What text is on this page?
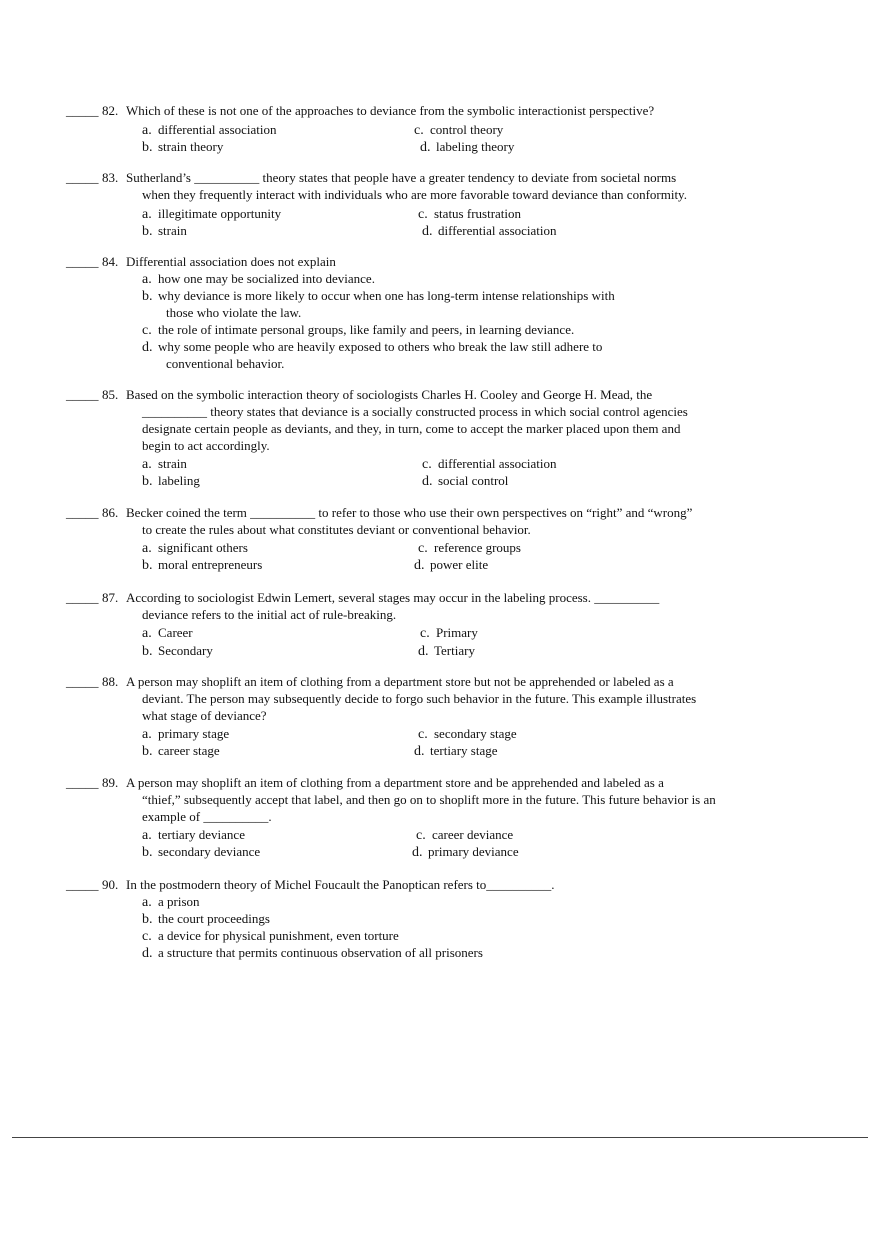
_____ 82. Which of these is not one of the approaches to deviance from the symbolic interactionist perspective?
a. differential association
b. strain theory
c. control theory
d. labeling theory
_____ 83. Sutherland’s __________ theory states that people have a greater tendency to deviate from societal norms
when they frequently interact with individuals who are more favorable toward deviance than conformity.
a. illegitimate opportunity
b. strain
c. status frustration
d. differential association
_____ 84. Differential association does not explain
a. how one may be socialized into deviance.
b. why deviance is more likely to occur when one has long-term intense relationships with
those who violate the law.
c. the role of intimate personal groups, like family and peers, in learning deviance.
d. why some people who are heavily exposed to others who break the law still adhere to
conventional behavior.
_____ 85. Based on the symbolic interaction theory of sociologists Charles H. Cooley and George H. Mead, the
__________ theory states that deviance is a socially constructed process in which social control agencies
designate certain people as deviants, and they, in turn, come to accept the marker placed upon them and
begin to act accordingly.
a. strain
b. labeling
c. differential association
d. social control
_____ 86. Becker coined the term __________ to refer to those who use their own perspectives on “right” and “wrong”
to create the rules about what constitutes deviant or conventional behavior.
a. significant others
b. moral entrepreneurs
c. reference groups
d. power elite
_____ 87. According to sociologist Edwin Lemert, several stages may occur in the labeling process. __________
deviance refers to the initial act of rule-breaking.
a. Career
b. Secondary
c. Primary
d. Tertiary
_____ 88. A person may shoplift an item of clothing from a department store but not be apprehended or labeled as a
deviant. The person may subsequently decide to forgo such behavior in the future. This example illustrates
what stage of deviance?
a. primary stage
b. career stage
c. secondary stage
d. tertiary stage
_____ 89. A person may shoplift an item of clothing from a department store and be apprehended and labeled as a
“thief,” subsequently accept that label, and then go on to shoplift more in the future. This future behavior is an
example of __________.
a. tertiary deviance
b. secondary deviance
c. career deviance
d. primary deviance
_____ 90. In the postmodern theory of Michel Foucault the Panoptican refers to__________.
a. a prison
b. the court proceedings
c. a device for physical punishment, even torture
d. a structure that permits continuous observation of all prisoners
